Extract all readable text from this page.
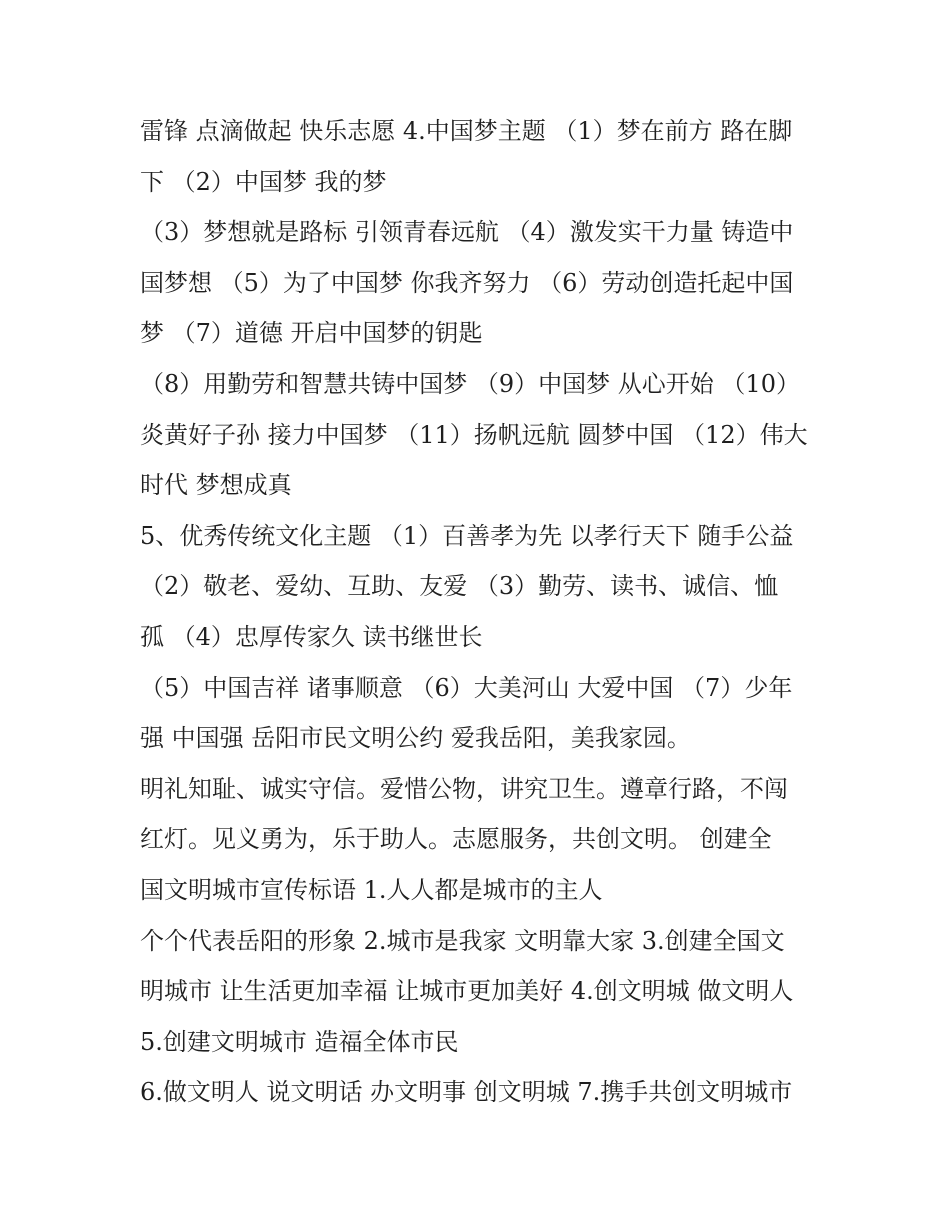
雷锋 点滴做起 快乐志愿 4.中国梦主题 （1）梦在前方 路在脚
下 （2）中国梦 我的梦
（3）梦想就是路标 引领青春远航 （4）激发实干力量 铸造中
国梦想 （5）为了中国梦 你我齐努力 （6）劳动创造托起中国
梦 （7）道德 开启中国梦的钥匙
（8）用勤劳和智慧共铸中国梦 （9）中国梦 从心开始 （10）
炎黄好子孙 接力中国梦 （11）扬帆远航 圆梦中国 （12）伟大
时代 梦想成真
5、优秀传统文化主题 （1）百善孝为先 以孝行天下 随手公益
（2）敬老、爱幼、互助、友爱 （3）勤劳、读书、诚信、恤
孤 （4）忠厚传家久 读书继世长
（5）中国吉祥 诸事顺意 （6）大美河山 大爱中国 （7）少年
强 中国强 岳阳市民文明公约 爱我岳阳，美我家园。
明礼知耻、诚实守信。爱惜公物，讲究卫生。遵章行路，不闯
红灯。见义勇为，乐于助人。志愿服务，共创文明。 创建全
国文明城市宣传标语 1.人人都是城市的主人
个个代表岳阳的形象 2.城市是我家 文明靠大家 3.创建全国文
明城市 让生活更加幸福 让城市更加美好 4.创文明城 做文明人
5.创建文明城市 造福全体市民
6.做文明人 说文明话 办文明事 创文明城 7.携手共创文明城市
